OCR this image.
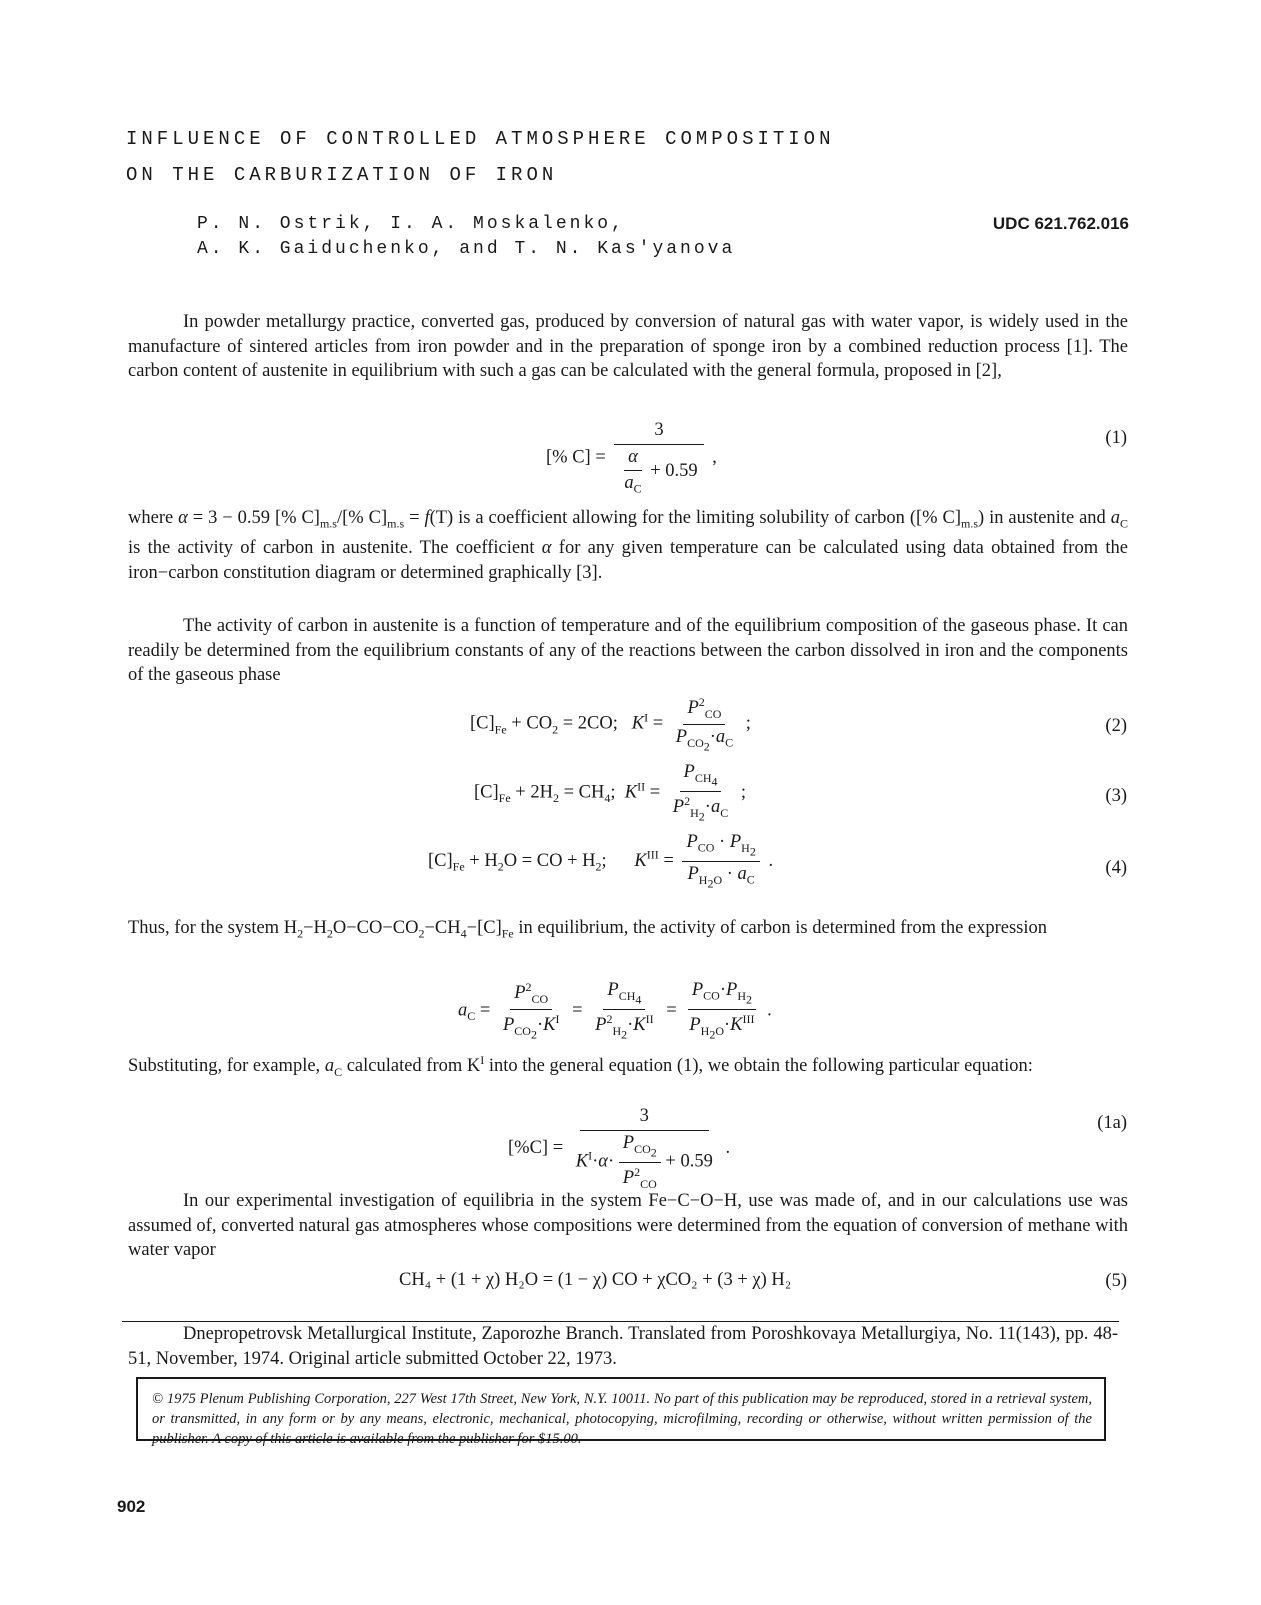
INFLUENCE OF CONTROLLED ATMOSPHERE COMPOSITION
ON THE CARBURIZATION OF IRON
P. N. Ostrik, I. A. Moskalenko,
A. K. Gaiduchenko, and T. N. Kas'yanova
UDC 621.762.016
In powder metallurgy practice, converted gas, produced by conversion of natural gas with water vapor, is widely used in the manufacture of sintered articles from iron powder and in the preparation of sponge iron by a combined reduction process [1]. The carbon content of austenite in equilibrium with such a gas can be calculated with the general formula, proposed in [2],
[% $C] = \frac{3}{\frac{\alpha}{a_C} + 0.59}$ ,
(1)
where α = 3 − 0.59 [% $C]_{m.s}/[\%$ $C]_{m.s} = f(T)$ is a coefficient allowing for the limiting solubility of carbon ([% $C]_{m.s}$) in austenite and $a_C$ is the activity of carbon in austenite. The coefficient α for any given temperature can be calculated using data obtained from the iron−carbon constitution diagram or determined graphically [3].
The activity of carbon in austenite is a function of temperature and of the equilibrium composition of the gaseous phase. It can readily be determined from the equilibrium constants of any of the reactions between the carbon dissolved in iron and the components of the gaseous phase
$[C]_{Fe} + CO_2 = 2CO$;   $K^I = \frac{P^2_{CO}}{P_{CO_2}\cdot a_C}$ ;	(2)
$[C]_{Fe} + 2H_2 = CH_4$;  $K^{II} = \frac{P_{CH_4}}{P^2_{H_2}\cdot a_C}$ ;	(3)
$[C]_{Fe} + H_2O$ = CO + $H_2$;      $K^{III} = \frac{P_{CO} \cdot P_{H_2}}{P_{H_2O} \cdot a_C}$ .	(4)
Thus, for the system $H_2-H_2O-CO-CO_2-CH_4-[C]_{Fe}$ in equilibrium, the activity of carbon is determined from the expression
$a_C = \frac{P^2_{CO}}{P_{CO_2}\cdot K^I} = \frac{P_{CH_4}}{P^2_{H_2}\cdot K^{II}} = \frac{P_{CO}\cdot P_{H_2}}{P_{H_2O}\cdot K^{III}}$ .
Substituting, for example, $a_C$ calculated from $K^I$ into the general equation (1), we obtain the following particular equation:
$[\%C] = \frac{3}{K^I\cdot\alpha\cdot \frac{P_{CO_2}}{P^2_{CO}} + 0.59}$ .
(1a)
In our experimental investigation of equilibria in the system Fe−C−O−H, use was made of, and in our calculations use was assumed of, converted natural gas atmospheres whose compositions were determined from the equation of conversion of methane with water vapor
CH₄ + (1 + χ) H₂O = (1 − χ) CO + χCO₂ + (3 + χ) H₂	(5)
Dnepropetrovsk Metallurgical Institute, Zaporozhe Branch. Translated from Poroshkovaya Metallurgiya, No. 11(143), pp. 48-51, November, 1974. Original article submitted October 22, 1973.
© 1975 Plenum Publishing Corporation, 227 West 17th Street, New York, N.Y. 10011. No part of this publication may be reproduced, stored in a retrieval system, or transmitted, in any form or by any means, electronic, mechanical, photocopying, microfilming, recording or otherwise, without written permission of the publisher. A copy of this article is available from the publisher for $15.00.
902
